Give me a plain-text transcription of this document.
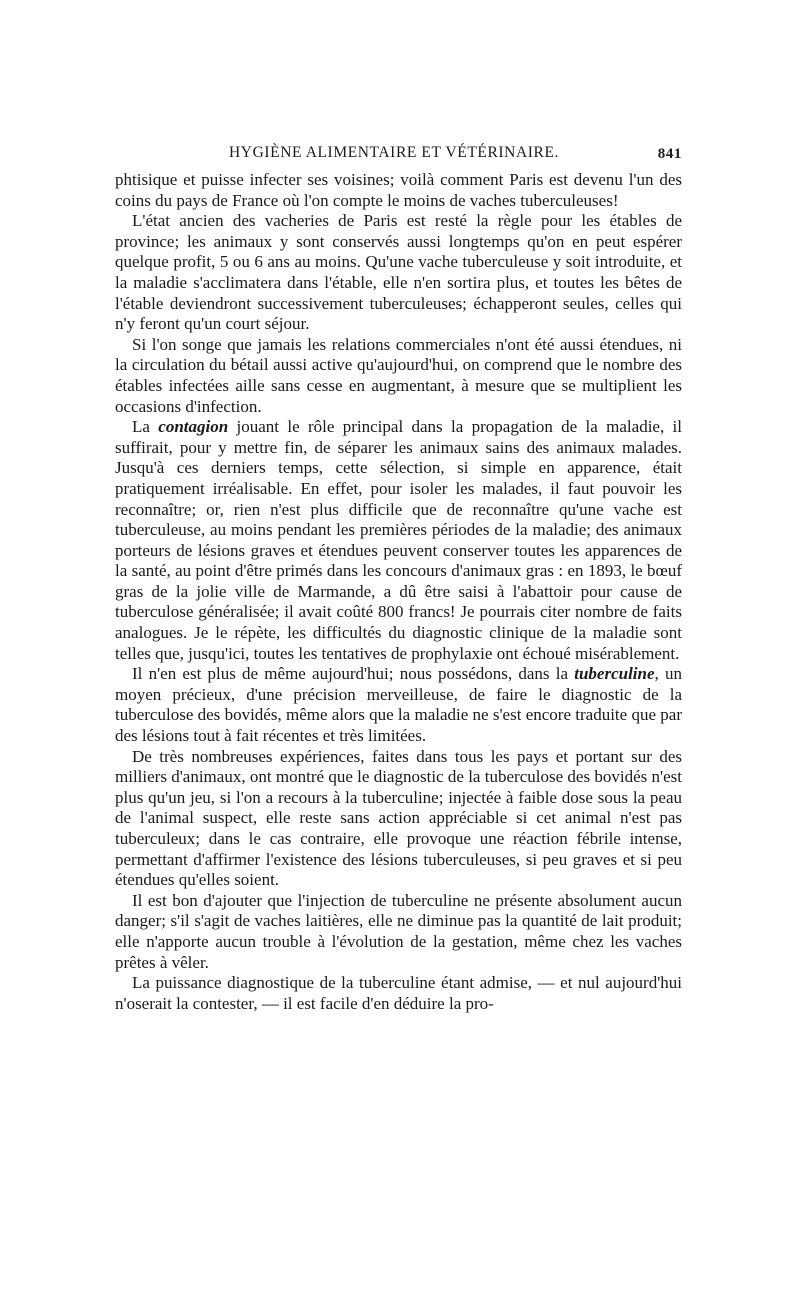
HYGIÈNE ALIMENTAIRE ET VÉTÉRINAIRE.	841

phtisique et puisse infecter ses voisines; voilà comment Paris est devenu l'un des coins du pays de France où l'on compte le moins de vaches tuberculeuses!

L'état ancien des vacheries de Paris est resté la règle pour les étables de province; les animaux y sont conservés aussi longtemps qu'on en peut espérer quelque profit, 5 ou 6 ans au moins. Qu'une vache tuberculeuse y soit introduite, et la maladie s'acclimatera dans l'étable, elle n'en sortira plus, et toutes les bêtes de l'étable deviendront successivement tuberculeuses; échapperont seules, celles qui n'y feront qu'un court séjour.

Si l'on songe que jamais les relations commerciales n'ont été aussi étendues, ni la circulation du bétail aussi active qu'aujourd'hui, on comprend que le nombre des étables infectées aille sans cesse en augmentant, à mesure que se multiplient les occasions d'infection.

La contagion jouant le rôle principal dans la propagation de la maladie, il suffirait, pour y mettre fin, de séparer les animaux sains des animaux malades. Jusqu'à ces derniers temps, cette sélection, si simple en apparence, était pratiquement irréalisable. En effet, pour isoler les malades, il faut pouvoir les reconnaître; or, rien n'est plus difficile que de reconnaître qu'une vache est tuberculeuse, au moins pendant les premières périodes de la maladie; des animaux porteurs de lésions graves et étendues peuvent conserver toutes les apparences de la santé, au point d'être primés dans les concours d'animaux gras : en 1893, le bœuf gras de la jolie ville de Marmande, a dû être saisi à l'abattoir pour cause de tuberculose généralisée; il avait coûté 800 francs! Je pourrais citer nombre de faits analogues. Je le répète, les difficultés du diagnostic clinique de la maladie sont telles que, jusqu'ici, toutes les tentatives de prophylaxie ont échoué misérablement.

Il n'en est plus de même aujourd'hui; nous possédons, dans la tuberculine, un moyen précieux, d'une précision merveilleuse, de faire le diagnostic de la tuberculose des bovidés, même alors que la maladie ne s'est encore traduite que par des lésions tout à fait récentes et très limitées.

De très nombreuses expériences, faites dans tous les pays et portant sur des milliers d'animaux, ont montré que le diagnostic de la tuberculose des bovidés n'est plus qu'un jeu, si l'on a recours à la tuberculine; injectée à faible dose sous la peau de l'animal suspect, elle reste sans action appréciable si cet animal n'est pas tuberculeux; dans le cas contraire, elle provoque une réaction fébrile intense, permettant d'affirmer l'existence des lésions tuberculeuses, si peu graves et si peu étendues qu'elles soient.

Il est bon d'ajouter que l'injection de tuberculine ne présente absolument aucun danger; s'il s'agit de vaches laitières, elle ne diminue pas la quantité de lait produit; elle n'apporte aucun trouble à l'évolution de la gestation, même chez les vaches prêtes à vêler.

La puissance diagnostique de la tuberculine étant admise, — et nul aujourd'hui n'oserait la contester, — il est facile d'en déduire la pro-
